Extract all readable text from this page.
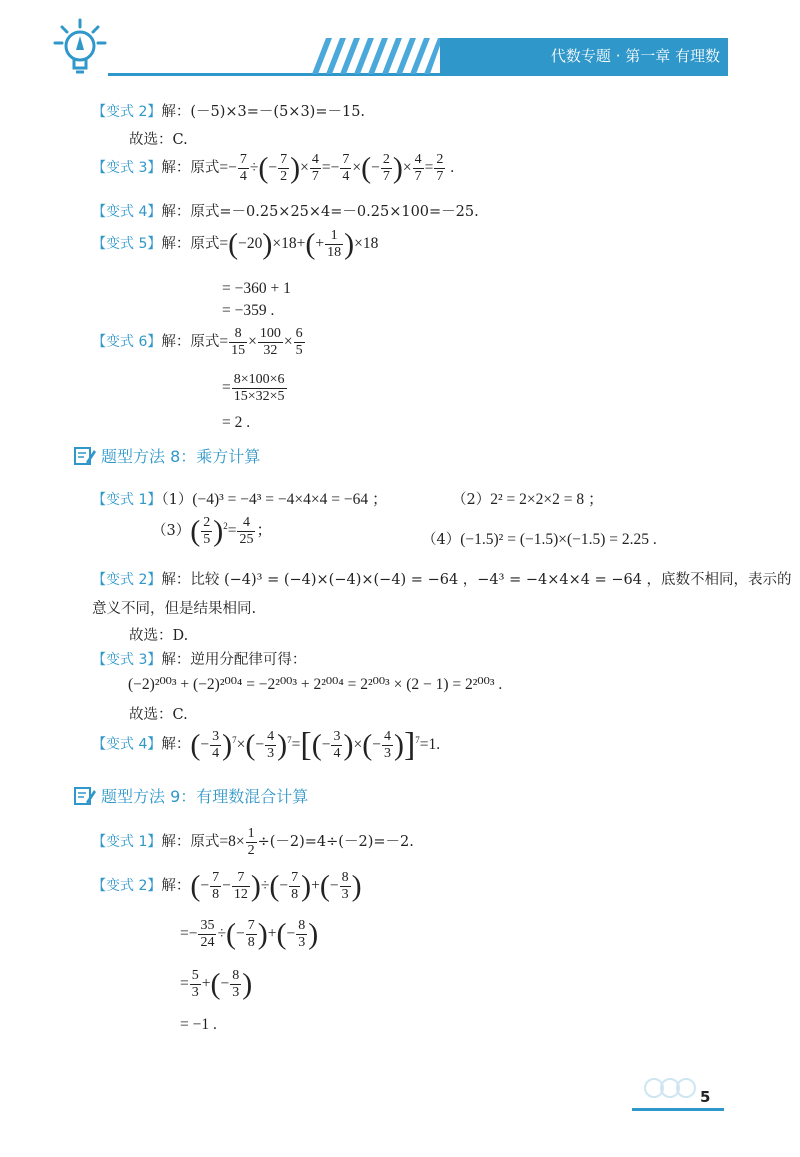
代数专题 · 第一章 有理数
【变式 2】解：(－5)×3=－(5×3)=－15.
故选：C.
【变式 3】解：原式=− $\frac{7}{4}$ ÷(− $\frac{7}{2}$ )× $\frac{4}{7} =- \frac{7}{4}$ ×(− $\frac{2}{7}$ )× $\frac{4}{7} = \frac{2}{7}$ .
【变式 4】解：原式=－0.25×25×4=－0.25×100=－25.
【变式 5】解：原式$=(-20)\times 18+(+ \frac{1}{18} )\times 18$
= −360 + 1
= −359 .
【变式 6】解：原式= $\frac{8}{15} \times \frac{100}{32} \times \frac{6}{5}$
= $\frac{8\times 100\times 6}{15\times 32\times 5}$
= 2 .
题型方法 8：乘方计算
【变式 1】（1）(−4)³ = −4³ = −4×4×4 = −64 ；	（2）2² = 2×2×2 = 8 ；
$(3)( \frac{2}{5} )^2= \frac{4}{25}$ ；
（4）(−1.5)² = (−1.5)×(−1.5) = 2.25 .
【变式 2】解：比较 (−4)³ = (−4)×(−4)×(−4) = −64 ，−4³ = −4×4×4 = −64 ，底数不相同，表示的
意义不同，但是结果相同.
故选：D.
【变式 3】解：逆用分配律可得：
(−2)²⁰⁰³ + (−2)²⁰⁰⁴ = −2²⁰⁰³ + 2²⁰⁰⁴ = 2²⁰⁰³ × (2 − 1) = 2²⁰⁰³ .
故选：C.
【变式 4】解：(− $\frac{3}{4} )^7\times(- \frac{4}{3} )^7=[(- \frac{3}{4}$ )×(− $\frac{4}{3} )]^7=1$.
题型方法 9：有理数混合计算
【变式 1】解：原式$=8\times \frac{1}{2} \div(-2)=4\div(-2)=-2$.
【变式 2】解：(− $\frac{7}{8} - \frac{7}{12}$ )÷(− $\frac{7}{8}$ )+(− $\frac{8}{3}$ )
=− $\frac{35}{24}$ ÷(− $\frac{7}{8}$ )+(− $\frac{8}{3}$ )
= $\frac{5}{3}$ +(− $\frac{8}{3}$ )
= −1 .
5
